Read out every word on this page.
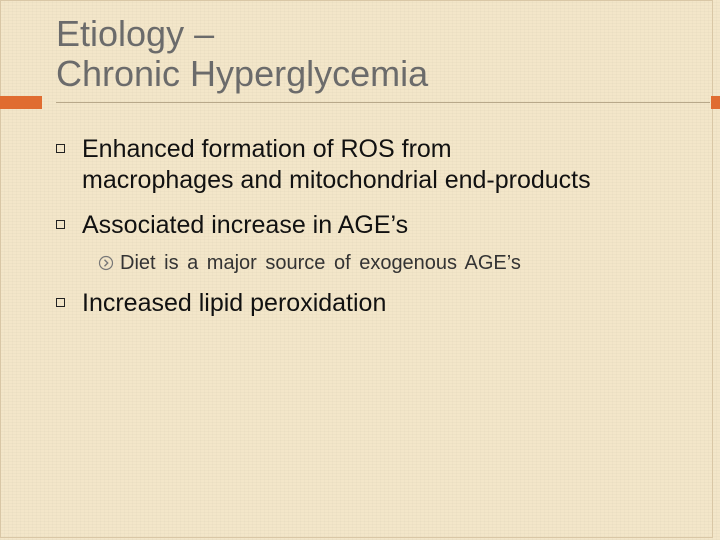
Etiology –
Chronic Hyperglycemia
Enhanced formation of ROS from
macrophages and mitochondrial end-products
Associated increase in AGE’s
Diet is a major source of exogenous AGE’s
Increased lipid peroxidation
